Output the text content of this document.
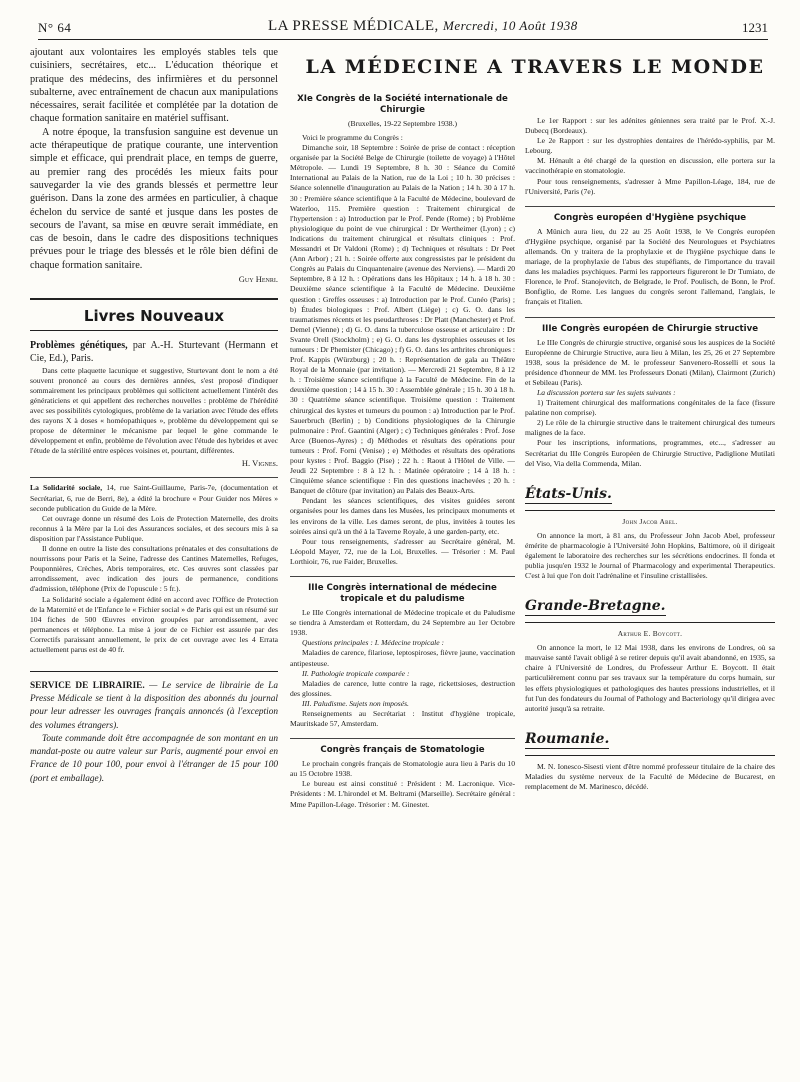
N° 64	LA PRESSE MÉDICALE, Mercredi, 10 Août 1938	1231
LA MÉDECINE A TRAVERS LE MONDE

ajoutant aux volontaires les employés stables tels que cuisiniers, secrétaires, etc... L'éducation théorique et pratique des médecins, des infirmières et du personnel subalterne, avec entraînement de chacun aux manipulations nécessaires, serait facilitée et complétée par la dotation de chaque formation sanitaire en matériel suffisant.

A notre époque, la transfusion sanguine est devenue un acte thérapeutique de pratique courante, une intervention simple et efficace, qui prendrait place, en temps de guerre, au premier rang des procédés les mieux faits pour sauvegarder la vie des grands blessés et permettre leur guérison. Dans la zone des armées en particulier, à chaque échelon du service de santé et jusque dans les postes de secours de l'avant, sa mise en œuvre serait immédiate, en cas de besoin, dans le cadre des dispositions techniques prévues pour le triage des blessés et le rôle bien défini de chaque formation sanitaire.

Guy Henri.
Livres Nouveaux

Problèmes génétiques, par A.-H. Sturtevant (Hermann et Cie, Ed.), Paris.

Dans cette plaquette lacunique et suggestive, Sturtevant dont le nom a été souvent prononcé au cours des dernières années, s'est proposé d'indiquer sommairement les principaux problèmes qui sollicitent actuellement l'intérêt des génératiciens et qui appellent des recherches nouvelles : problème de l'hérédité avec ses possibilités cytologiques, problème de la variation avec l'étude des effets des rayons X à doses « homéopathiques », problème du développement qui se propose de déterminer le mécanisme par lequel le gène commande le développement et enfin, problème de l'évolution avec l'étude des hybrides et avec l'étude de la stérilité entre espèces voisines et, pourtant, différentes.

H. Vignes.

La Solidarité sociale, 14, rue Saint-Guillaume, Paris-7e, (documentation et Secrétariat, 6, rue de Berri, 8e), a édité la brochure « Pour Guider nos Mères » seconde publication du Guide de la Mère.

Cet ouvrage donne un résumé des Lois de Protection Maternelle, des droits reconnus à la Mère par la Loi des Assurances sociales, et des secours mis à sa disposition par l'Assistance Publique.

Il donne en outre la liste des consultations prénatales et des consultations de nourrissons pour Paris et la Seine, l'adresse des Cantines Maternelles, Refuges, Pouponnières, Crèches, Abris temporaires, etc. Ces œuvres sont classées par arrondissement, avec indication des jours de permanence, conditions d'admission, téléphone (Prix de l'opuscule : 5 fr.).

La Solidarité sociale a également édité en accord avec l'Office de Protection de la Maternité et de l'Enfance le « Fichier social » de Paris qui est un résumé sur 104 fiches de 500 Œuvres environ groupées par arrondissement, avec permanences et téléphone. La mise à jour de ce Fichier est assurée par des Correctifs paraissant annuellement, le prix de cet ouvrage avec les 4 Errata actuellement parus est de 40 fr.

SERVICE DE LIBRAIRIE. — Le service de librairie de La Presse Médicale se tient à la disposition des abonnés du journal pour leur adresser les ouvrages français annoncés (à l'exception des volumes étrangers).

Toute commande doit être accompagnée de son montant en un mandat-poste ou autre valeur sur Paris, augmenté pour envoi en France de 10 pour 100, pour envoi à l'étranger de 15 pour 100 (port et emballage).

XIe Congrès de la Société internationale de Chirurgie
(Bruxelles, 19-22 Septembre 1938.)

Voici le programme du Congrès :

Dimanche soir, 18 Septembre : Soirée de prise de contact : réception organisée par la Société Belge de Chirurgie (toilette de voyage) à l'Hôtel Métropole. — Lundi 19 Septembre, 8 h. 30 : Séance du Comité International au Palais de la Nation, rue de la Loi ; 10 h. 30 précises : Séance solennelle d'inauguration au Palais de la Nation ; 14 h. 30 à 17 h. 30 : Première séance scientifique à la Faculté de Médecine, boulevard de Waterloo, 115. Première question : Traitement chirurgical de l'hypertension : a) Introduction par le Prof. Pende (Rome) ; b) Problème physiologique du point de vue chirurgical : Dr Wertheimer (Lyon) ; c) Indications du traitement chirurgical et résultats cliniques : Prof. Messandri et Dr Valdoni (Rome) ; d) Techniques et résultats : Dr Peet (Ann Arbor) ; 21 h. : Soirée offerte aux congressistes par le président du Congrès au Palais du Cinquantenaire (avenue des Nerviens). — Mardi 20 Septembre, 8 à 12 h. : Opérations dans les Hôpitaux ; 14 h. à 18 h. 30 : Deuxième séance scientifique à la Faculté de Médecine. Deuxième question : Greffes osseuses : a) Introduction par le Prof. Cunéo (Paris) ; b) Études biologiques : Prof. Albert (Liège) ; c) G. O. dans les traumatismes récents et les pseudarthroses : Dr Platt (Manchester) et Prof. Demel (Vienne) ; d) G. O. dans la tuberculose osseuse et articulaire : Dr Svante Orell (Stockholm) ; e) G. O. dans les dystrophies osseuses et les tumeurs : Dr Phemister (Chicago) ; f) G. O. dans les arthrites chroniques : Prof. Kappis (Würzburg) ; 20 h. : Représentation de gala au Théâtre Royal de la Monnaie (par invitation). — Mercredi 21 Septembre, 8 à 12 h. : Troisième séance scientifique à la Faculté de Médecine. Fin de la deuxième question ; 14 à 15 h. 30 : Assemblée générale ; 15 h. 30 à 18 h. 30 : Quatrième séance scientifique. Troisième question : Traitement chirurgical des kystes et tumeurs du poumon : a) Introduction par le Prof. Sauerbruch (Berlin) ; b) Conditions physiologiques de la Chirurgie pulmonaire : Prof. Gaantini (Alger) ; c) Techniques générales : Prof. Jose Arce (Buenos-Ayres) ; d) Méthodes et résultats des opérations pour tumeurs : Prof. Forni (Venise) ; e) Méthodes et résultats des opérations pour kystes : Prof. Baggio (Pise) ; 22 h. : Raout à l'Hôtel de Ville. — Jeudi 22 Septembre : 8 à 12 h. : Matinée opératoire ; 14 à 18 h. : Cinquième séance scientifique : Fin des questions inachevées ; 20 h. : Banquet de clôture (par invitation) au Palais des Beaux-Arts.

Pendant les séances scientifiques, des visites guidées seront organisées pour les dames dans les Musées, les principaux monuments et les environs de la ville. Les dames seront, de plus, invitées à toutes les soirées ainsi qu'à un thé à la Taverne Royale, à une garden-party, etc.

Pour tous renseignements, s'adresser au Secrétaire général, M. Léopold Mayer, 72, rue de la Loi, Bruxelles. — Trésorier : M. Paul Lorthioir, 76, rue Faider, Bruxelles.

IIIe Congrès international de médecine tropicale et du paludisme

Le IIIe Congrès international de Médecine tropicale et du Paludisme se tiendra à Amsterdam et Rotterdam, du 24 Septembre au 1er Octobre 1938.

Questions principales : I. Médecine tropicale :

Maladies de carence, filariose, leptospiroses, fièvre jaune, vaccination antipesteuse.

II. Pathologie tropicale comparée :

Maladies de carence, lutte contre la rage, rickettsioses, destruction des glossines.

III. Paludisme. Sujets non imposés.

Renseignements au Secrétariat : Institut d'hygiène tropicale, Mauritskade 57, Amsterdam.

Congrès français de Stomatologie

Le prochain congrès français de Stomatologie aura lieu à Paris du 10 au 15 Octobre 1938.

Le bureau est ainsi constitué : Président : M. Lacronique. Vice-Présidents : M. L'hirondel et M. Beltrami (Marseille). Secrétaire général : Mme Papillon-Léage. Trésorier : M. Ginestet.

Le 1er Rapport : sur les adénites géniennes sera traité par le Prof. X.-J. Dubecq (Bordeaux).

Le 2e Rapport : sur les dystrophies dentaires de l'hérédo-syphilis, par M. Lebourg.

M. Hénault a été chargé de la question en discussion, elle portera sur la vaccinothérapie en stomatologie.

Pour tous renseignements, s'adresser à Mme Papillon-Léage, 184, rue de l'Université, Paris (7e).

Congrès européen d'Hygiène psychique

A Münich aura lieu, du 22 au 25 Août 1938, le Ve Congrès européen d'Hygiène psychique, organisé par la Société des Neurologues et Psychiatres allemands. On y traitera de la prophylaxie et de l'hygiène psychique dans le mariage, de la prophylaxie de l'abus des stupéfiants, de l'importance du travail dans les maladies psychiques. Parmi les rapporteurs figureront le Dr Tumiato, de Florence, le Prof. Stanojevitch, de Belgrade, le Prof. Poulisch, de Bonn, le Prof. Bonfiglio, de Rome. Les langues du congrès seront l'allemand, l'anglais, le français et l'italien.

IIIe Congrès européen de Chirurgie structive

Le IIIe Congrès de chirurgie structive, organisé sous les auspices de la Société Européenne de Chirurgie Structive, aura lieu à Milan, les 25, 26 et 27 Septembre 1938, sous la présidence de M. le professeur Sanvenero-Rosselli et sous la présidence d'honneur de MM. les Professeurs Donati (Milan), Clairmont (Zurich) et Sebileau (Paris).

La discussion portera sur les sujets suivants :

1) Traitement chirurgical des malformations congénitales de la face (fissure palatine non comprise).

2) Le rôle de la chirurgie structive dans le traitement chirurgical des tumeurs malignes de la face.

Pour les inscriptions, informations, programmes, etc..., s'adresser au Secrétariat du IIIe Congrès Européen de Chirurgie Structive, Padiglione Mutilati del Viso, Via della Commenda, Milan.

États-Unis.
John Jacob Abel.

On annonce la mort, à 81 ans, du Professeur John Jacob Abel, professeur émérite de pharmacologie à l'Université John Hopkins, Baltimore, où il dirigeait également le laboratoire des recherches sur les sécrétions endocrines. Il fonda et publia jusqu'en 1932 le Journal of Pharmacology and experimental Therapeutics. C'est à lui que l'on doit l'adrénaline et l'insuline cristallisées.

Grande-Bretagne.
Arthur E. Boycott.

On annonce la mort, le 12 Mai 1938, dans les environs de Londres, où sa mauvaise santé l'avait obligé à se retirer depuis qu'il avait abandonné, en 1935, sa chaire à l'Université de Londres, du Professeur Arthur E. Boycott. Il était particulièrement connu par ses travaux sur la température du corps humain, sur les effets physiologiques et pathologiques des hautes pressions industrielles, et il fut l'un des fondateurs du Journal of Pathology and Bacteriology qu'il dirigea avec autorité jusqu'à sa retraite.

Roumanie.

M. N. Ionesco-Sisesti vient d'être nommé professeur titulaire de la chaire des Maladies du système nerveux de la Faculté de Médecine de Bucarest, en remplacement de M. Marinesco, décédé.
